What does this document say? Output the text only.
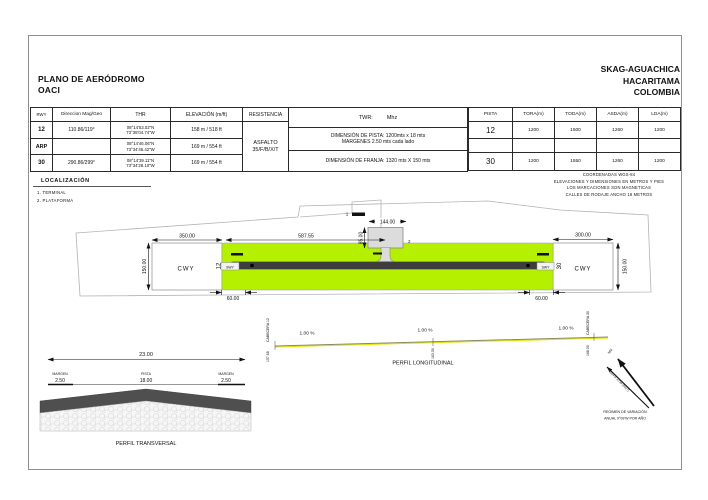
PLANO DE AERÓDROMO
OACI
SKAG-AGUACHICA
HACARITAMA
COLOMBIA
RWY	Direccion Mag/Geo	THR	ELEVACIÓN (m/ft)	RESISTENCIA
12	110.86/119°	08°14'53.02"N
73°35'04.74"W	158 m / 518 ft	
ASFALTO
35/F/B/X/T

ARP		08°14'46.06"N
73°34'46.42"W	169 m / 554 ft	
30	290.86/299°	08°14'39.11"N
73°34'28.10"W	169 m / 554 ft	
TWR:	Mhz
DIMENSIÓN DE PISTA: 1200mts x 18 mts
MARGENES 2.50 mts cada lado
DIMENSIÓN DE FRANJA: 1320 mts X 150 mts
PISTA	TORA(m)	TODA(m)	ASDA(m)	LDA(m)
12	1200	1500	1260	1200

30	1200	1550	1260	1200
LOCALIZACIÓN
1. TERMINAL
2. PLATAFORMA
COORDENADAS WGS-84
ELEVACIONES Y DIMENSIONES EN METROS Y PIES
LOS MARCACIONES SON MAGNETICAS
CALLES DE RODAJE ANCHO 18 METROS
SWY	SWY
1
2
CWY	CWY
12	30
350.00	587.55	300.00
144.00
85.00
150.00	150.00
60.00	60.00
1.00 %
1.00 %	1.00 %
CABECERA 12
157.68	163.30
CABECERA 30
168.30
PERFIL LONGITUDINAL
23.00
MARGEN
2.50
PISTA
18.00
MARGEN
2.50
PERFIL TRANSVERSAL
NM
VAR 8°10'W (2017)
REGIMEN DE VARIACIÓN
ANUAL 0°09'W POR AÑO
